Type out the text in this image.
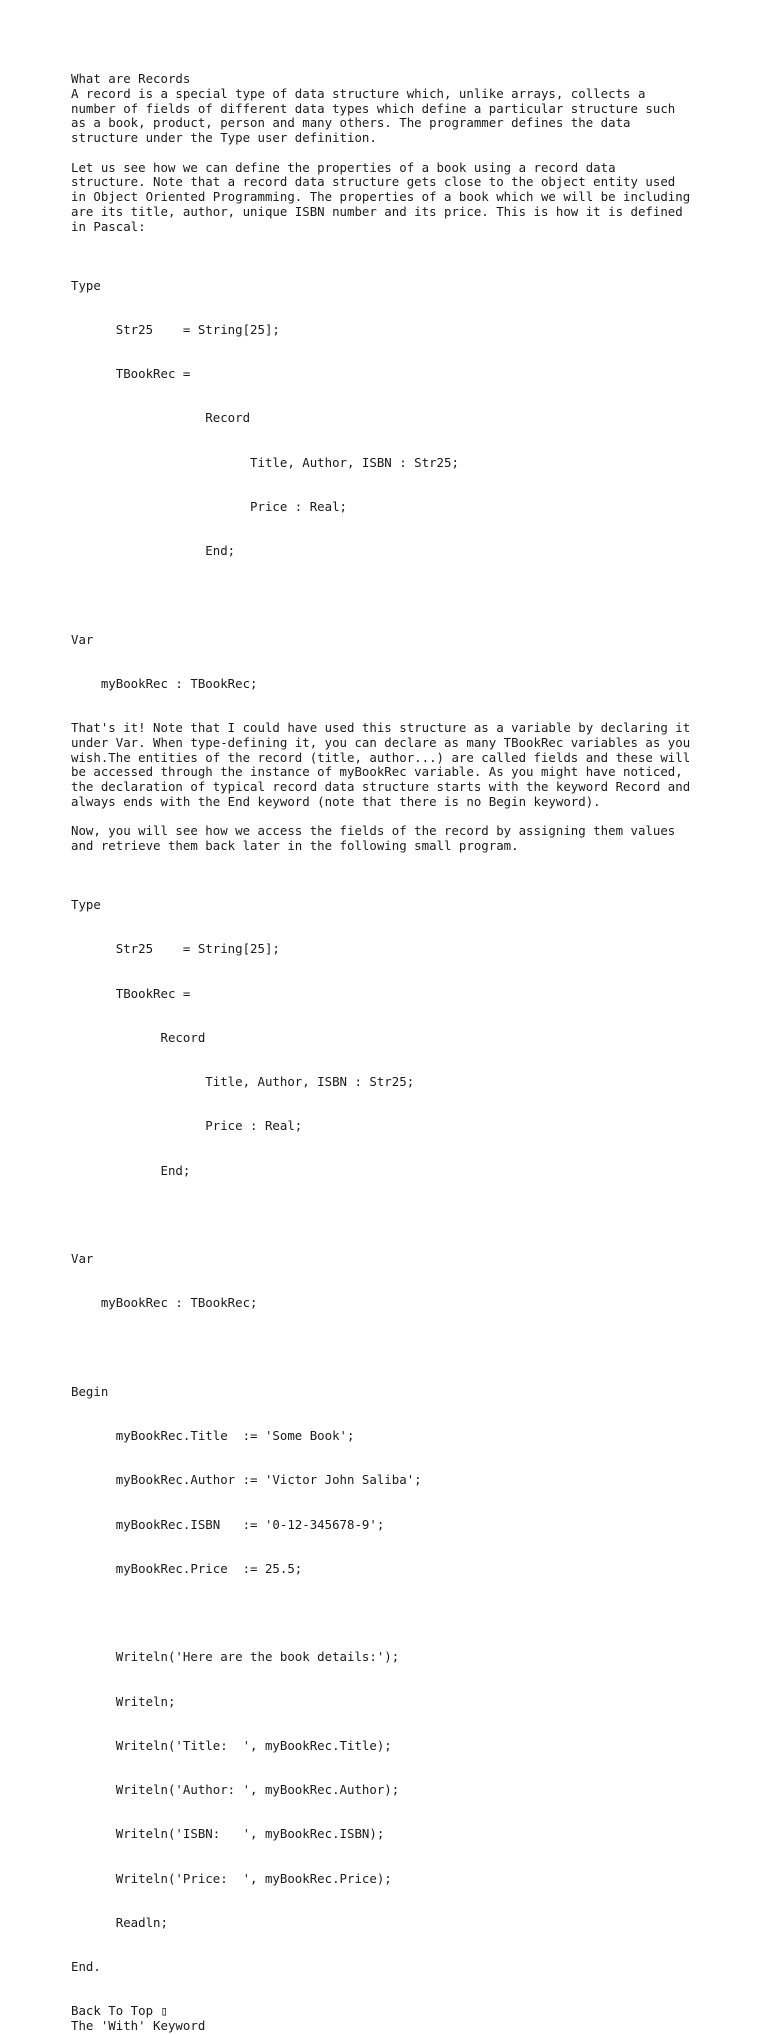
What are Records
A record is a special type of data structure which, unlike arrays, collects a
number of fields of different data types which define a particular structure such
as a book, product, person and many others. The programmer defines the data
structure under the Type user definition.
Let us see how we can define the properties of a book using a record data
structure. Note that a record data structure gets close to the object entity used
in Object Oriented Programming. The properties of a book which we will be including
are its title, author, unique ISBN number and its price. This is how it is defined
in Pascal:

Type

Str25    = String[25];

TBookRec =

Record

Title, Author, ISBN : Str25;

Price : Real;

End;

Var

myBookRec : TBookRec;

That's it! Note that I could have used this structure as a variable by declaring it
under Var. When type-defining it, you can declare as many TBookRec variables as you
wish.The entities of the record (title, author...) are called fields and these will
be accessed through the instance of myBookRec variable. As you might have noticed,
the declaration of typical record data structure starts with the keyword Record and
always ends with the End keyword (note that there is no Begin keyword).
Now, you will see how we access the fields of the record by assigning them values
and retrieve them back later in the following small program.

Type

Str25    = String[25];

TBookRec =

Record

Title, Author, ISBN : Str25;

Price : Real;

End;

Var

myBookRec : TBookRec;

Begin

myBookRec.Title  := 'Some Book';

myBookRec.Author := 'Victor John Saliba';

myBookRec.ISBN   := '0-12-345678-9';

myBookRec.Price  := 25.5;

Writeln('Here are the book details:');

Writeln;

Writeln('Title:  ', myBookRec.Title);

Writeln('Author: ', myBookRec.Author);

Writeln('ISBN:   ', myBookRec.ISBN);

Writeln('Price:  ', myBookRec.Price);

Readln;

End.

Back To Top ▯
The 'With' Keyword
